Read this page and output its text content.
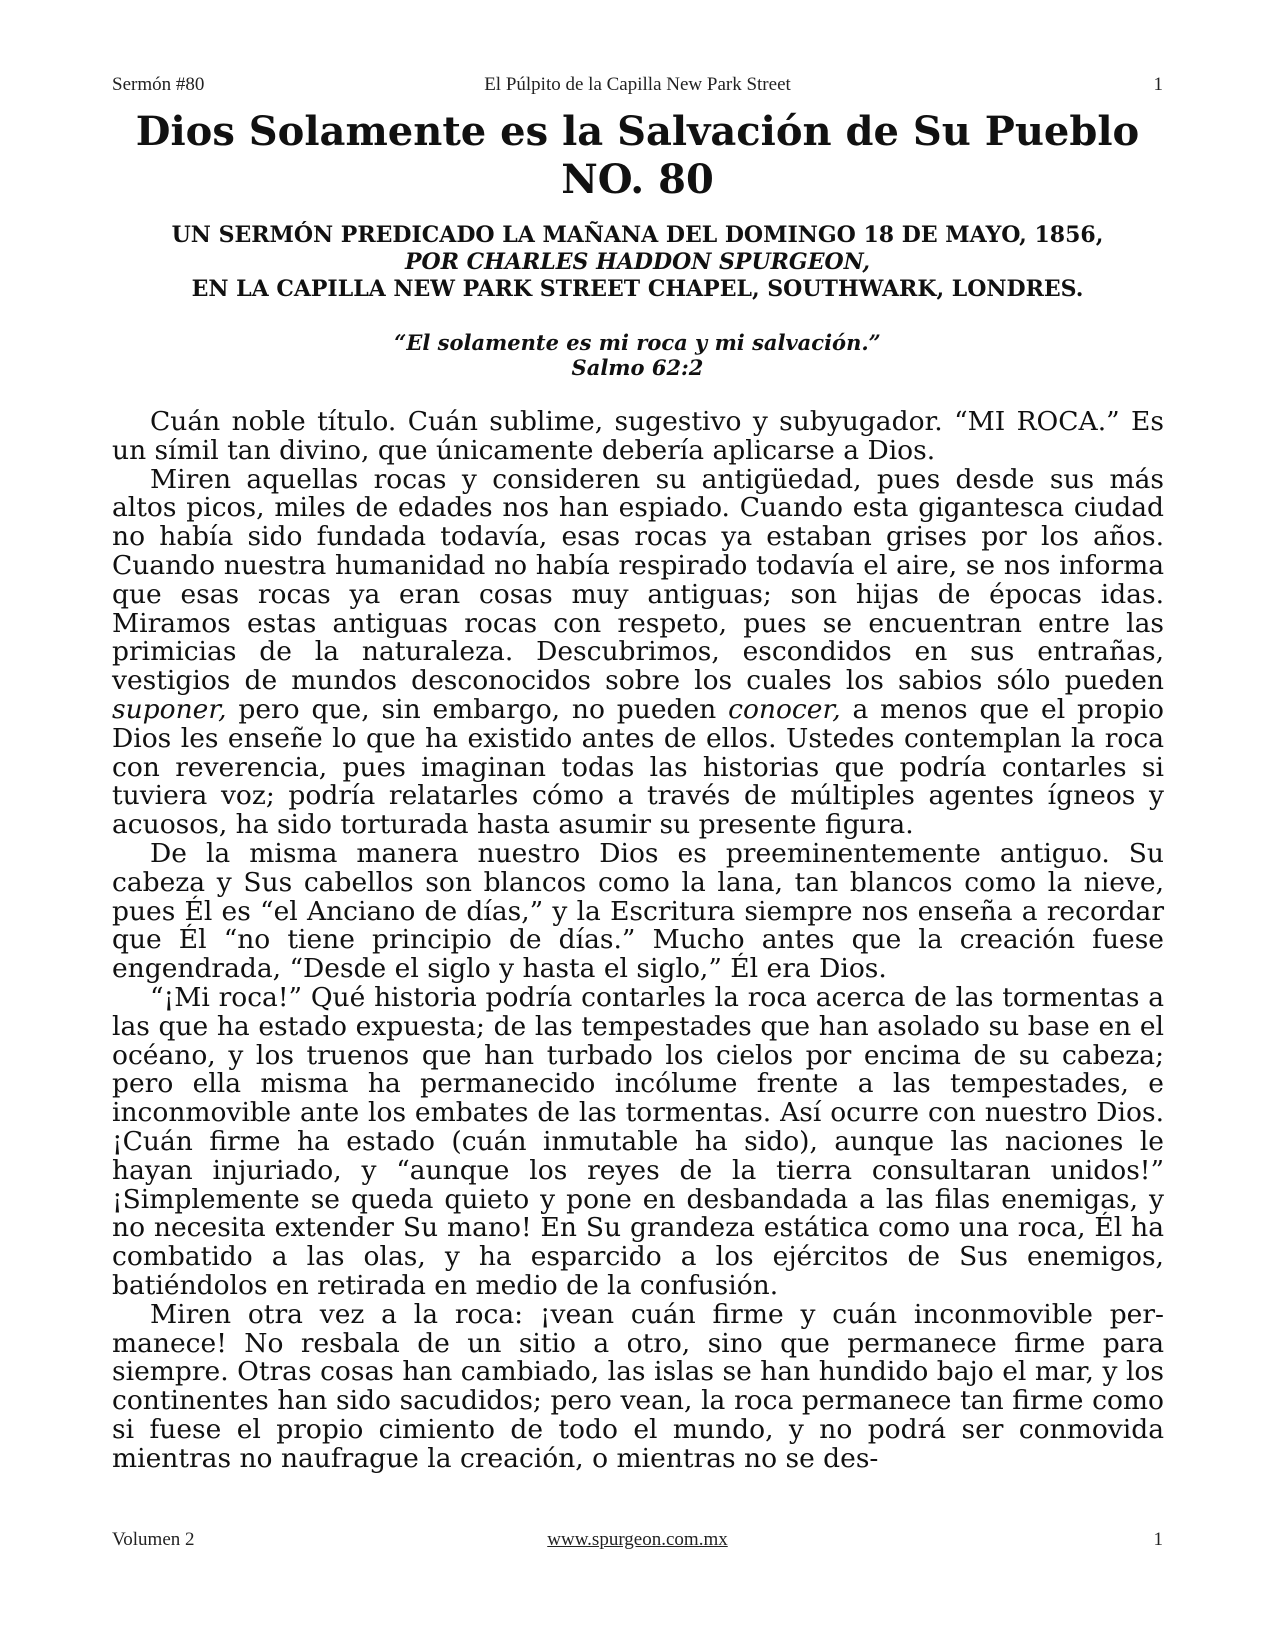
Sermón #80	El Púlpito de la Capilla New Park Street	1
Dios Solamente es la Salvación de Su Pueblo
NO. 80
UN SERMÓN PREDICADO LA MAÑANA DEL DOMINGO 18 DE MAYO, 1856,
POR CHARLES HADDON SPURGEON,
EN LA CAPILLA NEW PARK STREET CHAPEL, SOUTHWARK, LONDRES.
“El solamente es mi roca y mi salvación.”
Salmo 62:2

Cuán noble título. Cuán sublime, sugestivo y subyugador. “MI ROCA.” Es un símil tan divino, que únicamente debería aplicarse a Dios.

Miren aquellas rocas y consideren su antigüedad, pues desde sus más altos picos, miles de edades nos han espiado. Cuando esta gigantesca ciudad no había sido fundada todavía, esas rocas ya estaban grises por los años. Cuando nuestra humanidad no había respirado todavía el aire, se nos informa que esas rocas ya eran cosas muy antiguas; son hijas de épocas idas. Miramos estas antiguas rocas con respeto, pues se encuentran entre las primicias de la naturaleza. Descubrimos, escondidos en sus entrañas, vestigios de mundos desconocidos sobre los cuales los sabios sólo pueden suponer, pero que, sin embargo, no pueden conocer, a menos que el propio Dios les enseñe lo que ha existido antes de ellos. Ustedes contemplan la roca con reverencia, pues imaginan todas las historias que podría contarles si tuviera voz; podría relatarles cómo a través de múltiples agentes ígneos y acuosos, ha sido torturada hasta asumir su presente figura.

De la misma manera nuestro Dios es preeminentemente antiguo. Su cabeza y Sus cabellos son blancos como la lana, tan blancos como la nieve, pues Él es “el Anciano de días,” y la Escritura siempre nos enseña a recordar que Él “no tiene principio de días.” Mucho antes que la creación fuese engendrada, “Desde el siglo y hasta el siglo,” Él era Dios.

“¡Mi roca!” Qué historia podría contarles la roca acerca de las tormentas a las que ha estado expuesta; de las tempestades que han asolado su base en el océano, y los truenos que han turbado los cielos por encima de su cabeza; pero ella misma ha permanecido incólume frente a las tempestades, e inconmovible ante los embates de las tormentas. Así ocurre con nuestro Dios. ¡Cuán firme ha estado (cuán inmutable ha sido), aunque las naciones le hayan injuriado, y “aunque los reyes de la tierra consultaran unidos!” ¡Simplemente se queda quieto y pone en desbandada a las filas enemigas, y no necesita extender Su mano! En Su grandeza estática como una roca, Él ha combatido a las olas, y ha esparcido a los ejércitos de Sus enemigos, batiéndolos en retirada en medio de la confusión.

Miren otra vez a la roca: ¡vean cuán firme y cuán inconmovible permanece! No resbala de un sitio a otro, sino que permanece firme para siempre. Otras cosas han cambiado, las islas se han hundido bajo el mar, y los continentes han sido sacudidos; pero vean, la roca permanece tan firme como si fuese el propio cimiento de todo el mundo, y no podrá ser conmovida mientras no naufrague la creación, o mientras no se des-

Volumen 2	www.spurgeon.com.mx	1
